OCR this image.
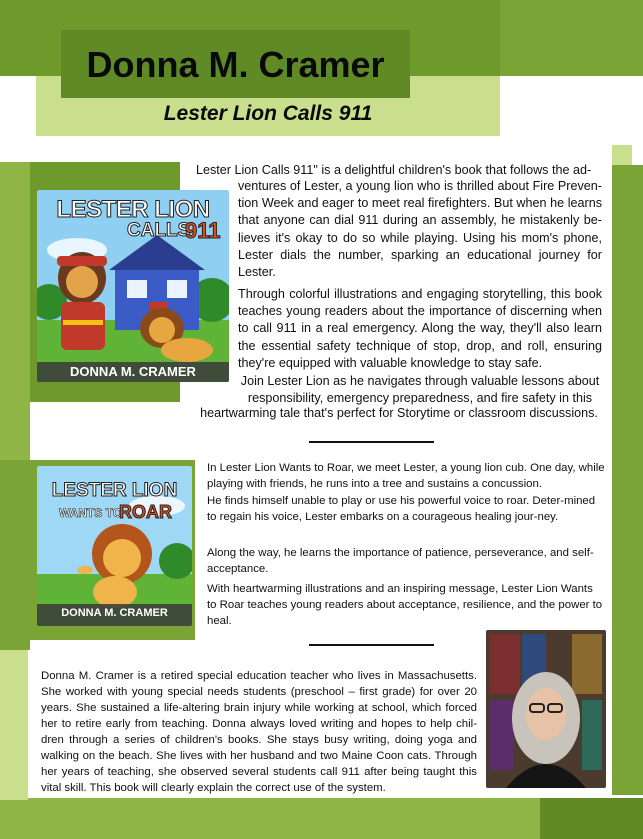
Donna M. Cramer
Lester Lion Calls 911
LESTER LION
CALLS
911
DONNA M. CRAMER
Lester Lion Calls 911" is a delightful children's book that follows the ad-
ventures of Lester, a young lion who is thrilled about Fire Preven-tion Week and eager to meet real firefighters. But when he learns that anyone can dial 911 during an assembly, he mistakenly be-lieves it's okay to do so while playing. Using his mom's phone, Lester dials the number, sparking an educational journey for Lester.
Through colorful illustrations and engaging storytelling, this book teaches young readers about the importance of discerning when to call 911 in a real emergency. Along the way, they'll also learn the essential safety technique of stop, drop, and roll, ensuring they're equipped with valuable knowledge to stay safe.
Join Lester Lion as he navigates through valuable lessons about responsibility, emergency preparedness, and fire safety in this
heartwarming tale that's perfect for Storytime or classroom discussions.
LESTER LION
WANTS TO
ROAR
DONNA M. CRAMER
In Lester Lion Wants to Roar, we meet Lester, a young lion cub. One day, while playing with friends, he runs into a tree and sustains a concussion.
He finds himself unable to play or use his powerful voice to roar. Deter-mined to regain his voice, Lester embarks on a courageous healing jour-ney.
Along the way, he learns the importance of patience, perseverance, and self-acceptance.
With heartwarming illustrations and an inspiring message, Lester Lion Wants to Roar teaches young readers about acceptance, resilience, and the power to heal.
Donna M. Cramer is a retired special education teacher who lives in Massachusetts. She worked with young special needs students (preschool – first grade) for over 20 years. She sustained a life-altering brain injury while working at school, which forced her to retire early from teaching. Donna always loved writing and hopes to help chil-dren through a series of children's books. She stays busy writing, doing yoga and walking on the beach. She lives with her husband and two Maine Coon cats. Through her years of teaching, she observed several students call 911 after being taught this vital skill. This book will clearly explain the correct use of the system.
